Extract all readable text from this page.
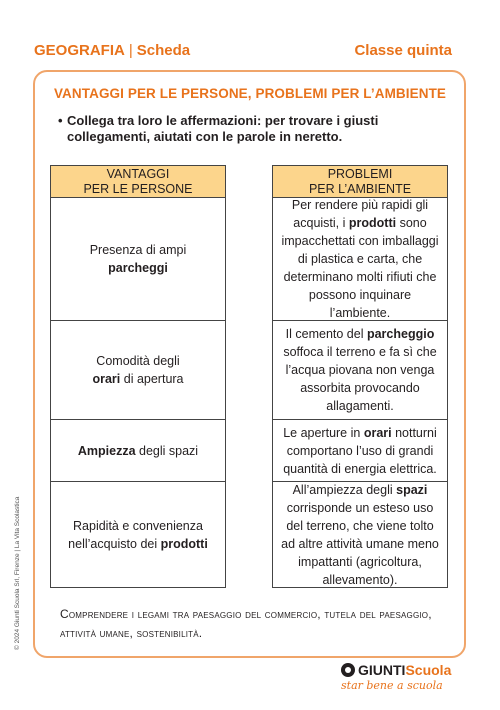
GEOGRAFIA | Scheda	Classe quinta
VANTAGGI PER LE PERSONE, PROBLEMI PER L’AMBIENTE
• Collega tra loro le affermazioni: per trovare i giusti collegamenti, aiutati con le parole in neretto.
VANTAGGI
PER LE PERSONE
Presenza di ampi parcheggi
Comodità degli orari di apertura
Ampiezza degli spazi
Rapidità e convenienza nell’acquisto dei prodotti
PROBLEMI
PER L’AMBIENTE
Per rendere più rapidi gli acquisti, i prodotti sono impacchettati con imballaggi di plastica e carta, che determinano molti rifiuti che possono inquinare l’ambiente.
Il cemento del parcheggio soffoca il terreno e fa sì che l’acqua piovana non venga assorbita provocando allagamenti.
Le aperture in orari notturni comportano l’uso di grandi quantità di energia elettrica.
All’ampiezza degli spazi corrisponde un esteso uso del terreno, che viene tolto ad altre attività umane meno impattanti (agricoltura, allevamento).
Comprendere i legami tra paesaggio del commercio, tutela del paesaggio, attività umane, sostenibilità.
© 2024 Giunti Scuola Srl, Firenze | La Vita Scolastica
GIUNTI Scuola
star bene a scuola
